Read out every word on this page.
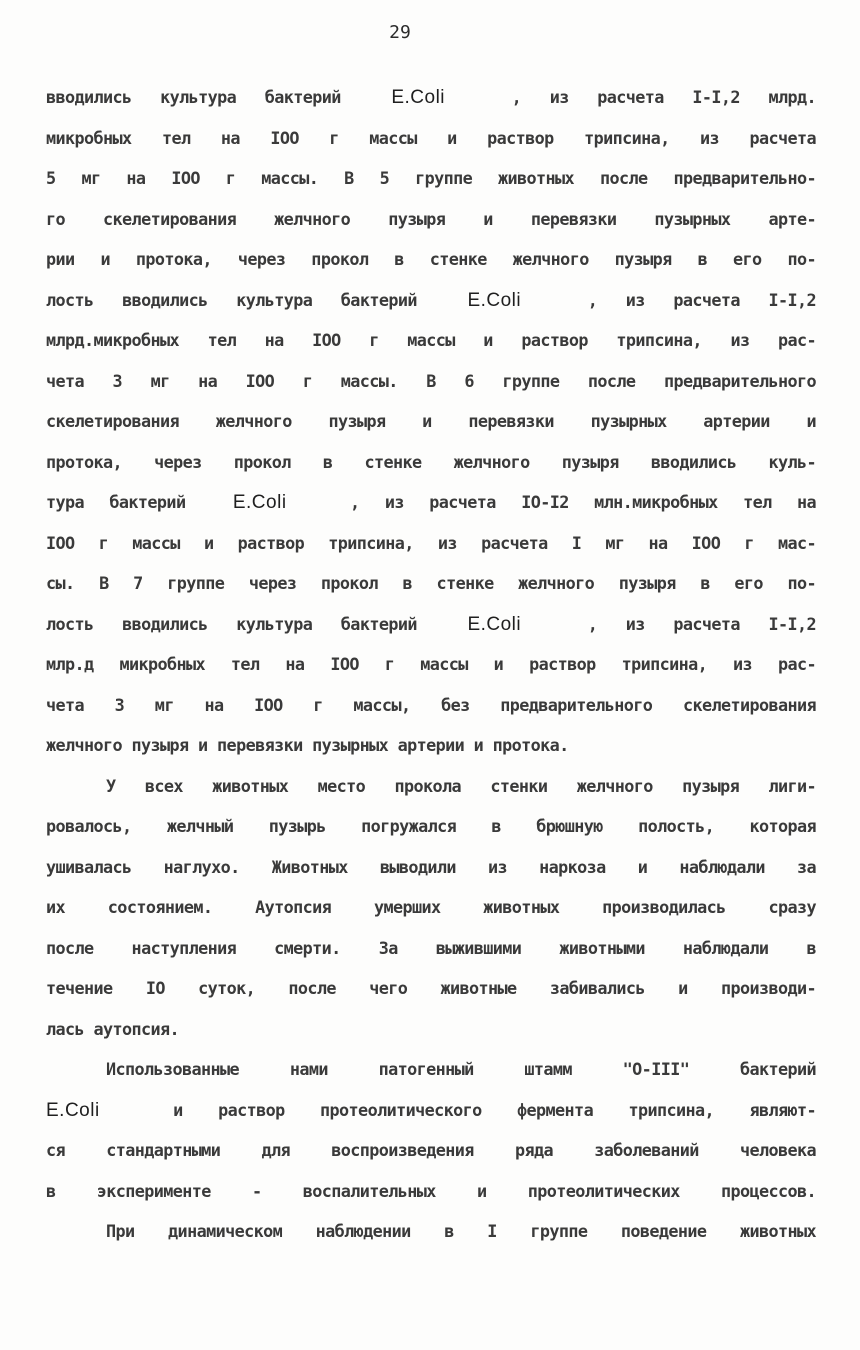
29
вводились культура бактерий	E.Coli	, из расчета I-I,2 млрд.
микробных тел на IOO г массы и раствор трипсина, из расчета
5 мг на IOO г массы. В 5 группе животных после предварительно-
го скелетирования желчного пузыря и перевязки пузырных арте-
рии и протока, через прокол в стенке желчного пузыря в его по-
лость вводились культура бактерий	E.Coli	, из расчета I-I,2
млрд.микробных тел на IOO г массы и раствор трипсина, из рас-
чета 3 мг на IOO г массы. В 6 группе после предварительного
скелетирования желчного пузыря и перевязки пузырных артерии и
протока, через прокол в стенке желчного пузыря вводились куль-
тура бактерий E.Coli	, из расчета IO-I2 млн.микробных тел на
IOO г массы и раствор трипсина, из расчета I мг на IOO г мас-
сы. В 7 группе через прокол в стенке желчного пузыря в его по-
лость вводились культура бактерий	E.Coli	, из расчета I-I,2
млр.д микробных тел на IOO г массы и раствор трипсина, из рас-
чета 3 мг на IOO г массы, без предварительного скелетирования
желчного пузыря и перевязки пузырных артерии и протока.
У всех животных место прокола стенки желчного пузыря лиги-
ровалось, желчный пузырь погружался в брюшную полость, которая
ушивалась наглухо. Животных выводили из наркоза и наблюдали за
их состоянием. Аутопсия умерших животных производилась сразу
после наступления смерти. За выжившими животными наблюдали в
течение IO суток, после чего животные забивались и производи-
лась аутопсия.
Использованные нами патогенный штамм "О-III" бактерий
E.Coli	и раствор протеолитического фермента трипсина, являют-
ся стандартными для воспроизведения ряда заболеваний человека
в эксперименте - воспалительных и протеолитических процессов.
При динамическом наблюдении в I группе поведение животных
